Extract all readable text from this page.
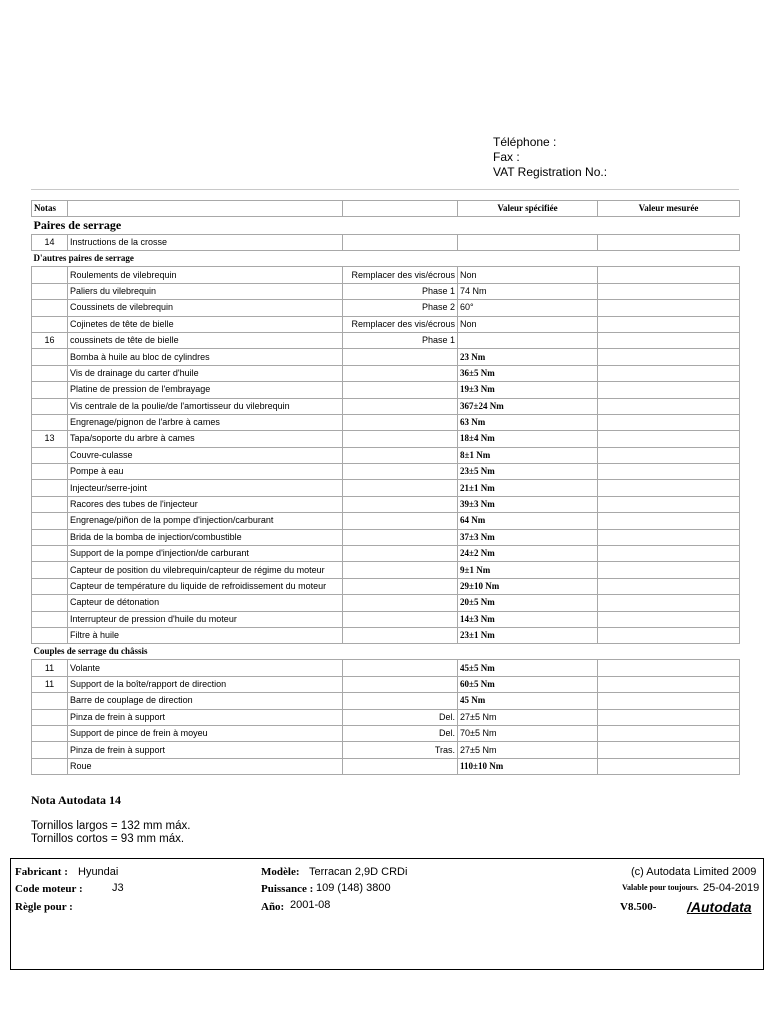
Téléphone :
Fax :
VAT Registration No.:
Notas			Valeur spécifiée	Valeur mesurée
Paires de serrage				
14	Instructions de la crosse			
D'autres paires de serrage				
	Roulements de vilebrequin	Remplacer des vis/écrous	Non	
	Paliers du vilebrequin	Phase 1	74 Nm	
	Coussinets de vilebrequin	Phase 2	60°	
	Cojinetes de tête de bielle	Remplacer des vis/écrous	Non	
16	coussinets de tête de bielle	Phase 1		
	Bomba à huile au bloc de cylindres		23 Nm	
	Vis de drainage du carter d'huile		36±5 Nm	
	Platine de pression de l'embrayage		19±3 Nm	
	Vis centrale de la poulie/de l'amortisseur du vilebrequin		367±24 Nm	
	Engrenage/pignon de l'arbre à cames		63 Nm	
13	Tapa/soporte du arbre à cames		18±4 Nm	
	Couvre-culasse		8±1 Nm	
	Pompe à eau		23±5 Nm	
	Injecteur/serre-joint		21±1 Nm	
	Racores des tubes de l'injecteur		39±3 Nm	
	Engrenage/piñon de la pompe d'injection/carburant		64 Nm	
	Brida de la bomba de injection/combustible		37±3 Nm	
	Support de la pompe d'injection/de carburant		24±2 Nm	
	Capteur de position du vilebrequin/capteur de régime du moteur		9±1 Nm	
	Capteur de température du liquide de refroidissement du moteur		29±10 Nm	
	Capteur de détonation		20±5 Nm	
	Interrupteur de pression d'huile du moteur		14±3 Nm	
	Filtre à huile		23±1 Nm	
Couples de serrage du châssis				
11	Volante		45±5 Nm	
11	Support de la boîte/rapport de direction		60±5 Nm	
	Barre de couplage de direction		45 Nm	
	Pinza de frein à support	Del.	27±5 Nm	
	Support de pince de frein à moyeu	Del.	70±5 Nm	
	Pinza de frein à support	Tras.	27±5 Nm	
	Roue		110±10 Nm	
Nota Autodata 14
Tornillos largos = 132 mm máx.
Tornillos cortos = 93 mm máx.
Fabricant : Hyundai
Code moteur :	J3
Règle pour :
Modèle: Terracan 2,9D CRDi
Puissance : 109 (148) 3800
Año: 2001-08
(c) Autodata Limited 2009
Valable pour toujours. 25-04-2019
V8.500- /Autodata
